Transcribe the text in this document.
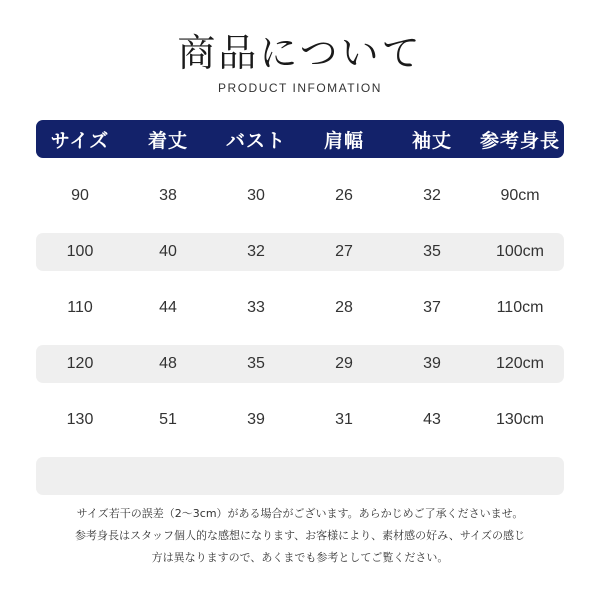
商品について
PRODUCT INFOMATION
サイズ	着丈	バスト	肩幅	袖丈	参考身長
90	38	30	26	32	90cm
100	40	32	27	35	100cm
110	44	33	28	37	110cm
120	48	35	29	39	120cm
130	51	39	31	43	130cm
サイズ若干の誤差（2～3cm）がある場合がございます。あらかじめご了承くださいませ。
参考身長はスタッフ個人的な感想になります、お客様により、素材感の好み、サイズの感じ
方は異なりますので、あくまでも参考としてご覧ください。
